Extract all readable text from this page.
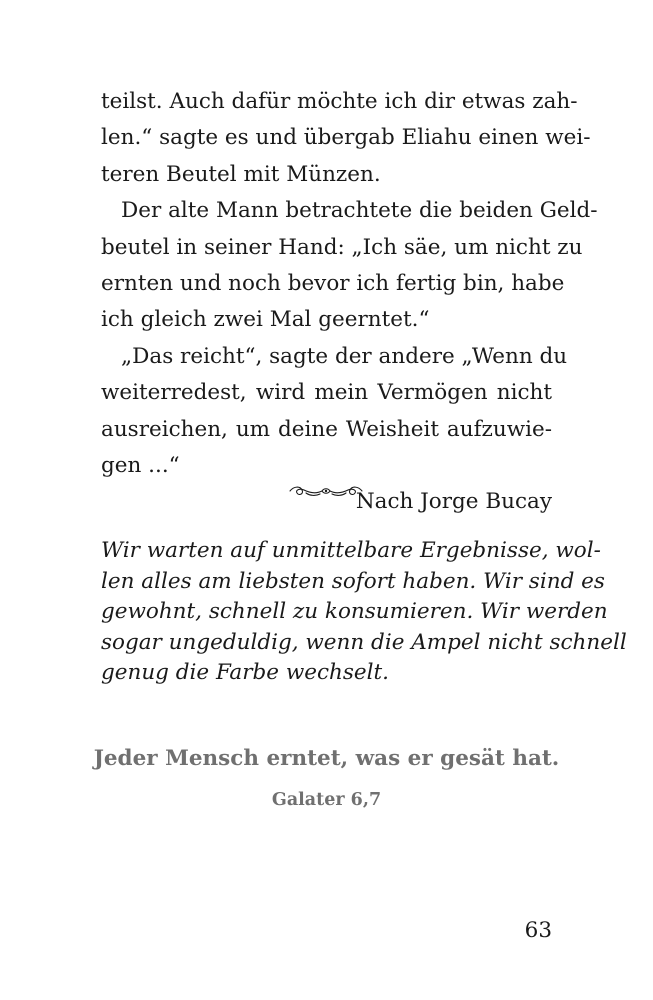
teilst. Auch dafür möchte ich dir etwas zah-
len.“ sagte es und übergab Eliahu einen wei-
teren Beutel mit Münzen.
Der alte Mann betrachtete die beiden Geld-
beutel in seiner Hand: „Ich säe, um nicht zu
ernten und noch bevor ich fertig bin, habe
ich gleich zwei Mal geerntet.“
„Das reicht“, sagte der andere „Wenn du
weiterredest, wird mein Vermögen nicht
ausreichen, um deine Weisheit aufzuwie-
gen ...“
Nach Jorge Bucay
Wir warten auf unmittelbare Ergebnisse, wol-
len alles am liebsten sofort haben. Wir sind es
gewohnt, schnell zu konsumieren. Wir werden
sogar ungeduldig, wenn die Ampel nicht schnell
genug die Farbe wechselt.
Jeder Mensch erntet, was er gesät hat.
Galater 6,7
63
